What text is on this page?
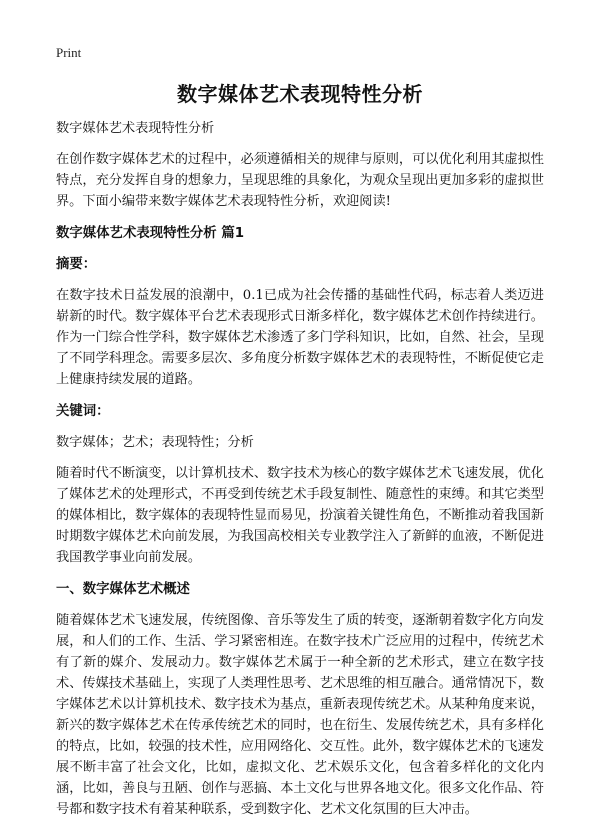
Print
数字媒体艺术表现特性分析

数字媒体艺术表现特性分析

在创作数字媒体艺术的过程中，必须遵循相关的规律与原则，可以优化利用其虚拟性特点，充分发挥自身的想象力，呈现思维的具象化，为观众呈现出更加多彩的虚拟世界。下面小编带来数字媒体艺术表现特性分析，欢迎阅读!

数字媒体艺术表现特性分析 篇1
摘要：

在数字技术日益发展的浪潮中，0.1已成为社会传播的基础性代码，标志着人类迈进崭新的时代。数字媒体平台艺术表现形式日渐多样化，数字媒体艺术创作持续进行。作为一门综合性学科，数字媒体艺术渗透了多门学科知识，比如，自然、社会，呈现了不同学科理念。需要多层次、多角度分析数字媒体艺术的表现特性，不断促使它走上健康持续发展的道路。

关键词：

数字媒体；艺术；表现特性；分析

随着时代不断演变，以计算机技术、数字技术为核心的数字媒体艺术飞速发展，优化了媒体艺术的处理形式，不再受到传统艺术手段复制性、随意性的束缚。和其它类型的媒体相比，数字媒体的表现特性显而易见，扮演着关键性角色，不断推动着我国新时期数字媒体艺术向前发展，为我国高校相关专业教学注入了新鲜的血液，不断促进我国教学事业向前发展。

一、数字媒体艺术概述

随着媒体艺术飞速发展，传统图像、音乐等发生了质的转变，逐渐朝着数字化方向发展，和人们的工作、生活、学习紧密相连。在数字技术广泛应用的过程中，传统艺术有了新的媒介、发展动力。数字媒体艺术属于一种全新的艺术形式，建立在数字技术、传媒技术基础上，实现了人类理性思考、艺术思维的相互融合。通常情况下，数字媒体艺术以计算机技术、数字技术为基点，重新表现传统艺术。从某种角度来说，新兴的数字媒体艺术在传承传统艺术的同时，也在衍生、发展传统艺术，具有多样化的特点，比如，较强的技术性，应用网络化、交互性。此外，数字媒体艺术的飞速发展不断丰富了社会文化，比如，虚拟文化、艺术娱乐文化，包含着多样化的文化内涵，比如，善良与丑陋、创作与恶搞、本土文化与世界各地文化。很多文化作品、符号都和数字技术有着某种联系，受到数字化、艺术文化氛围的巨大冲击。
